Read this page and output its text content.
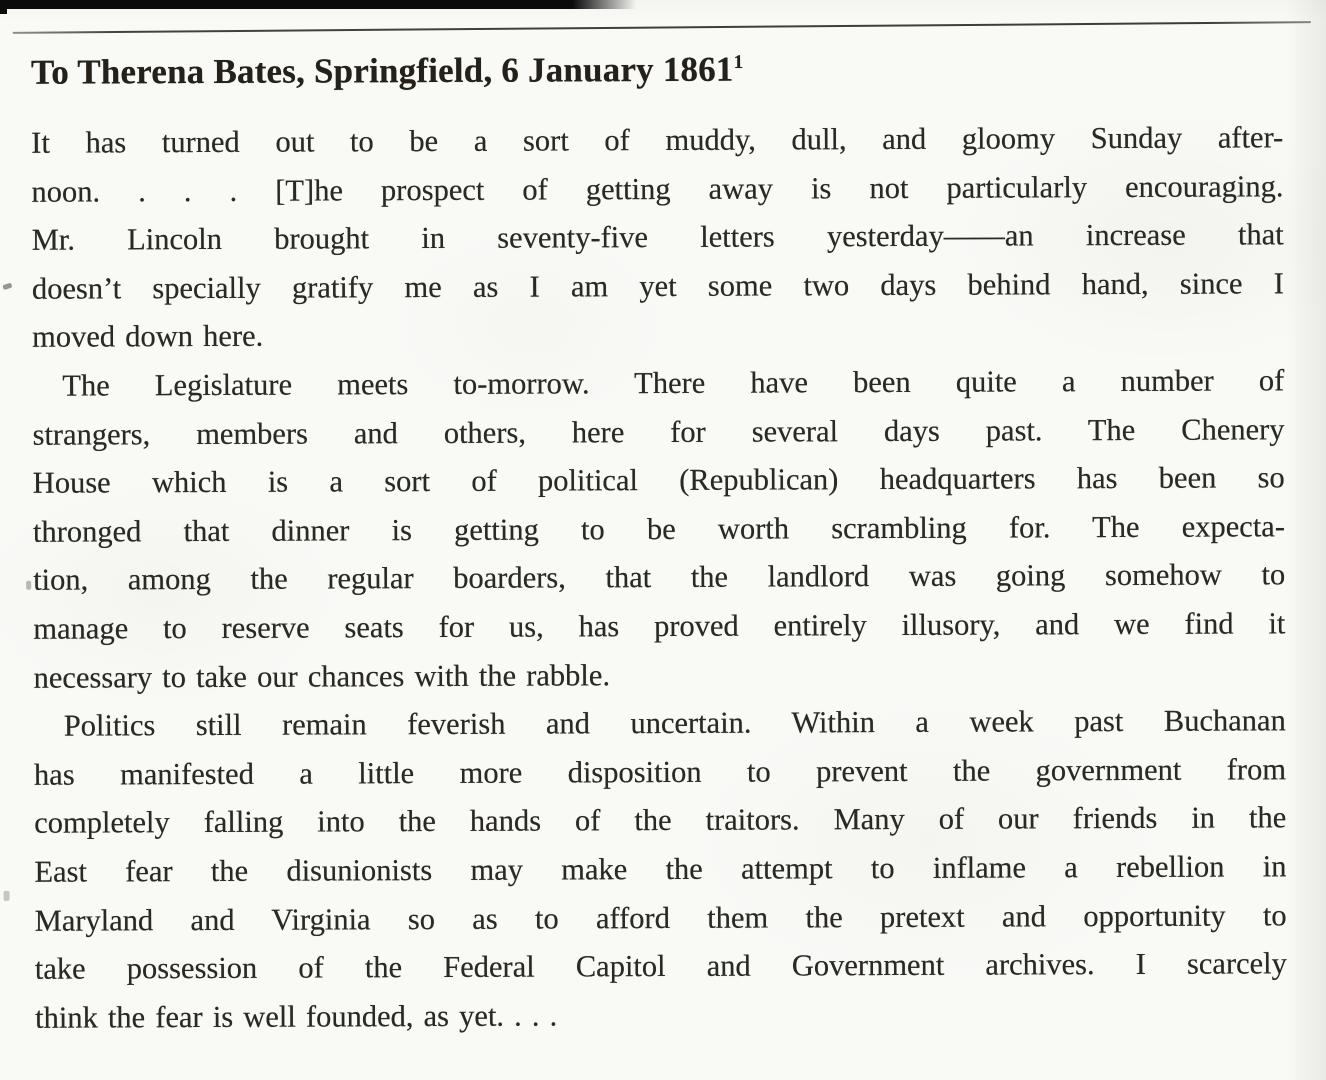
To Therena Bates, Springfield, 6 January 1861$^1$
It has turned out to be a sort of muddy, dull, and gloomy Sunday after-
noon. . . . [T]he prospect of getting away is not particularly encouraging.
Mr. Lincoln brought in seventy-five letters yesterday——an increase that
doesn’t specially gratify me as I am yet some two days behind hand, since I
moved down here.
The Legislature meets to-morrow. There have been quite a number of
strangers, members and others, here for several days past. The Chenery
House which is a sort of political (Republican) headquarters has been so
thronged that dinner is getting to be worth scrambling for. The expecta-
tion, among the regular boarders, that the landlord was going somehow to
manage to reserve seats for us, has proved entirely illusory, and we find it
necessary to take our chances with the rabble.
Politics still remain feverish and uncertain. Within a week past Buchanan
has manifested a little more disposition to prevent the government from
completely falling into the hands of the traitors. Many of our friends in the
East fear the disunionists may make the attempt to inflame a rebellion in
Maryland and Virginia so as to afford them the pretext and opportunity to
take possession of the Federal Capitol and Government archives. I scarcely
think the fear is well founded, as yet. . . .
